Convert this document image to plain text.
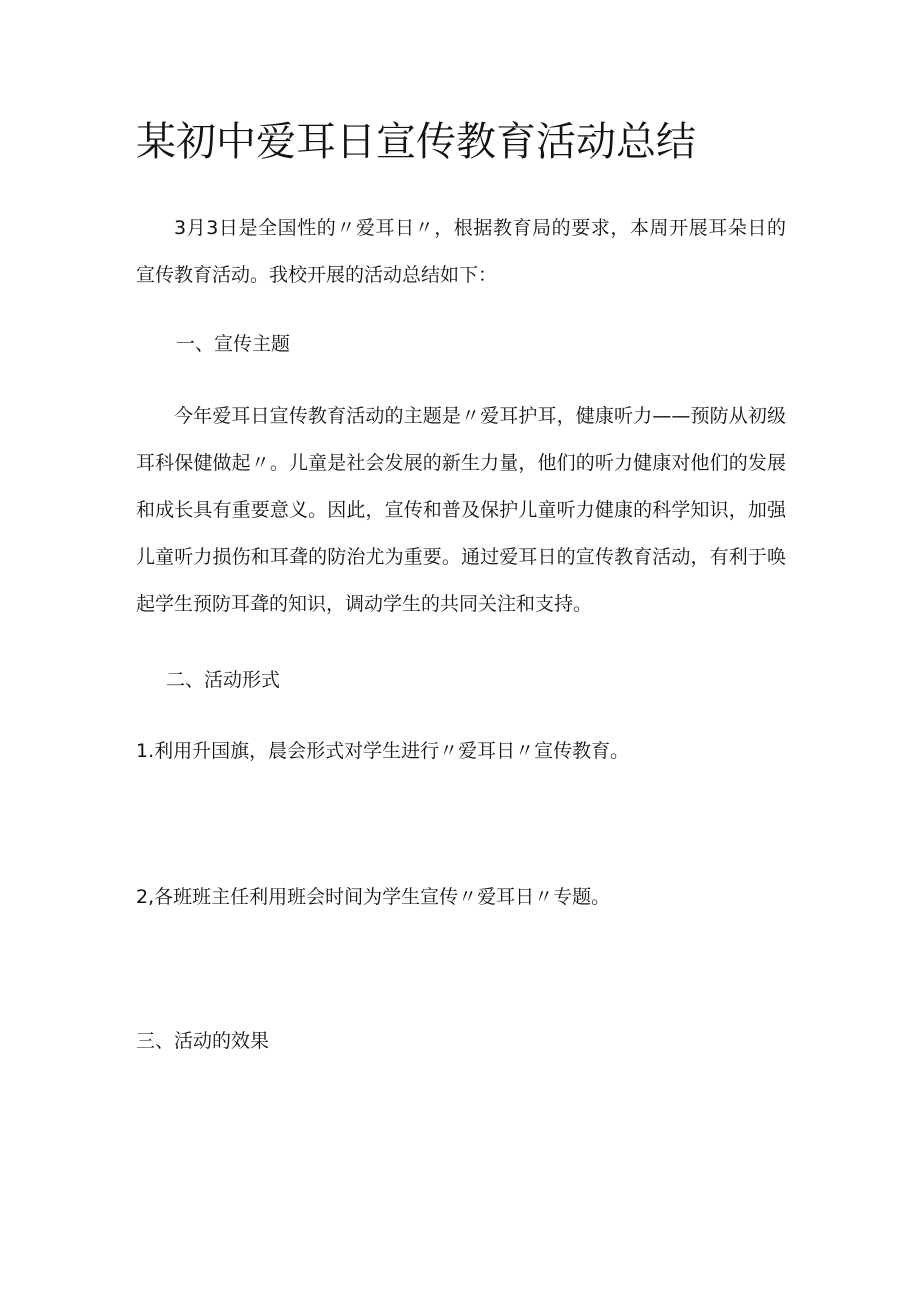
某初中爱耳日宣传教育活动总结

3月3日是全国性的〃爱耳日〃，根据教育局的要求，本周开展耳朵日的宣传教育活动。我校开展的活动总结如下：

一、宣传主题

今年爱耳日宣传教育活动的主题是〃爱耳护耳，健康听力——预防从初级耳科保健做起〃。儿童是社会发展的新生力量，他们的听力健康对他们的发展和成长具有重要意义。因此，宣传和普及保护儿童听力健康的科学知识，加强儿童听力损伤和耳聋的防治尤为重要。通过爱耳日的宣传教育活动，有利于唤起学生预防耳聋的知识，调动学生的共同关注和支持。

二、活动形式

1.利用升国旗，晨会形式对学生进行〃爱耳日〃宣传教育。

2,各班班主任利用班会时间为学生宣传〃爱耳日〃专题。

三、活动的效果
